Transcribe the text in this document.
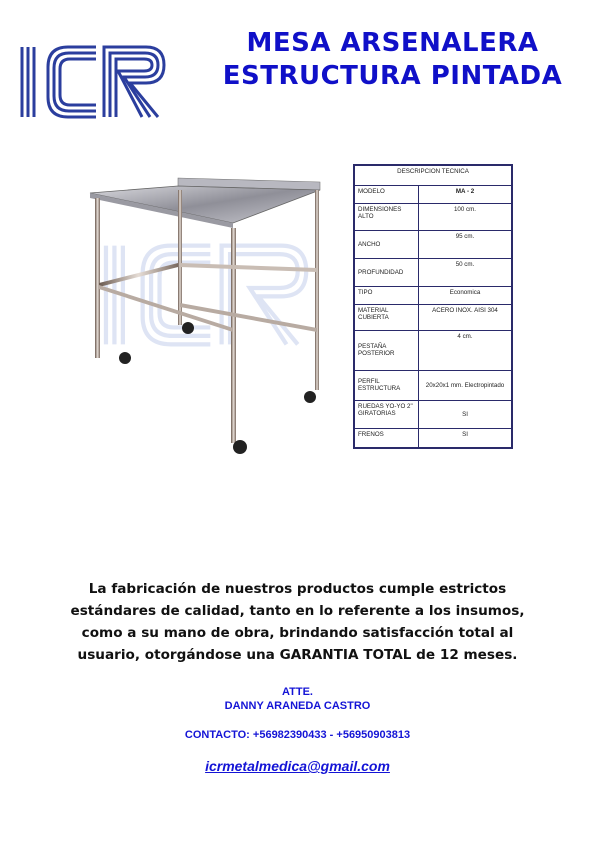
MESA ARSENALERA
ESTRUCTURA PINTADA
DESCRIPCION TECNICA	
MODELO	MA - 2
DIMENSIONES ALTO	100 cm.
ANCHO	95 cm.
PROFUNDIDAD	50 cm.
TIPO	Economica
MATERIAL CUBIERTA	ACERO INOX. AISI 304
PESTAÑA POSTERIOR	4 cm.
PERFIL ESTRUCTURA	20x20x1 mm. Electropintado
RUEDAS YO-YO 2" GIRATORIAS	SI
FRENOS	SI
La fabricación de nuestros productos cumple estrictos estándares de calidad, tanto en lo referente a los insumos, como a su mano de obra, brindando satisfacción total al usuario, otorgándose una GARANTIA TOTAL de 12 meses.
ATTE.
DANNY ARANEDA CASTRO
CONTACTO: +56982390433 - +56950903813
icrmetalmedica@gmail.com
